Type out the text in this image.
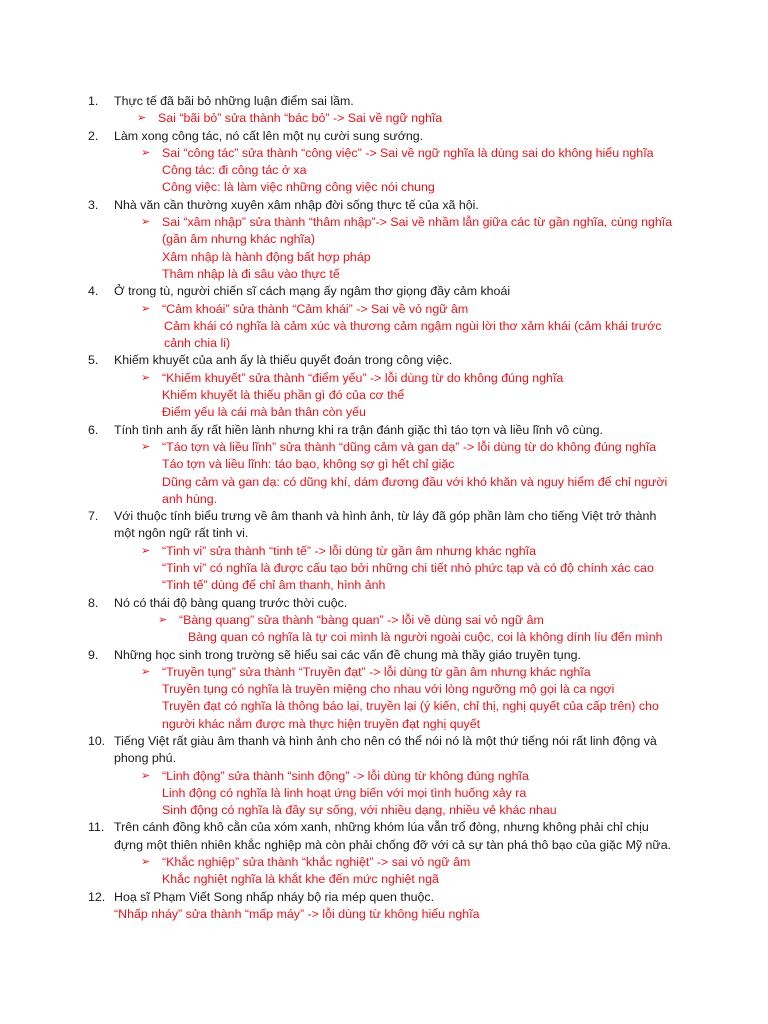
1.	Thực tế đã bãi bỏ những luận điểm sai lầm.
➢ Sai “bãi bỏ” sửa thành “bác bỏ” -> Sai về ngữ nghĩa
2.	Làm xong công tác, nó cất lên một nụ cười sung sướng.
➢ Sai “công tác” sửa thành “công việc” -> Sai về ngữ nghĩa là dùng sai do không hiểu nghĩa
Công tác: đi công tác ở xa
Công việc: là làm việc những công việc nói chung
3.	Nhà văn cần thường xuyên xâm nhập đời sống thực tế của xã hội.
➢ Sai “xâm nhập” sửa thành “thâm nhập”-> Sai về nhầm lẫn giữa các từ gần nghĩa, cùng nghĩa (gần âm nhưng khác nghĩa)
Xâm nhập là hành động bất hợp pháp
Thâm nhập là đi sâu vào thực tế
4.	Ở trong tù, người chiến sĩ cách mạng ấy ngâm thơ giọng đầy cảm khoái
➢ “Cảm khoái” sửa thành “Cảm khái” -> Sai về vỏ ngữ âm
Cảm khái có nghĩa là cảm xúc và thương cảm ngậm ngùi lời thơ xảm khái (cảm khái trước cảnh chia li)
5.	Khiếm khuyết của anh ấy là thiếu quyết đoán trong công việc.
➢ “Khiếm khuyết” sửa thành “điểm yếu” -> lỗi dùng từ do không đúng nghĩa
Khiếm khuyết là thiếu phần gì đó của cơ thể
Điểm yếu là cái mà bản thân còn yếu
6.	Tính tình anh ấy rất hiền lành nhưng khi ra trận đánh giặc thì táo tợn và liều lĩnh vô cùng.
➢ “Táo tợn và liều lĩnh” sửa thành “dũng cảm và gan dạ” -> lỗi dùng từ do không đúng nghĩa
Táo tợn và liều lĩnh: táo bạo, không sợ gì hết chỉ giặc
Dũng cảm và gan dạ: có dũng khí, dám đương đầu với khó khăn và nguy hiểm để chỉ người anh hùng.
7.	Với thuộc tính biểu trưng về âm thanh và hình ảnh, từ láy đã góp phần làm cho tiếng Việt trở thành một ngôn ngữ rất tinh vi.
➢ “Tinh vi” sửa thành “tinh tế” -> lỗi dùng từ gần âm nhưng khác nghĩa
“Tinh vi” có nghĩa là được cấu tạo bởi những chi tiết nhỏ phức tạp và có độ chính xác cao
“Tinh tế” dùng để chỉ âm thanh, hình ảnh
8.	Nó có thái độ bàng quang trước thời cuộc.
➢ “Bàng quang” sửa thành “bàng quan” -> lỗi về dùng sai vỏ ngữ âm
Bàng quan có nghĩa là tự coi mình là người ngoài cuộc, coi là không dính líu đến mình
9.	Những học sinh trong trường sẽ hiểu sai các vấn đề chung mà thầy giáo truyền tụng.
➢ “Truyền tụng” sửa thành “Truyền đạt” -> lỗi dùng từ gần âm nhưng khác nghĩa
Truyền tụng có nghĩa là truyền miệng cho nhau với lòng ngưỡng mộ gọi là ca ngợi
Truyền đạt có nghĩa là thông báo lại, truyền lại (ý kiến, chỉ thị, nghị quyết của cấp trên) cho người khác nắm được mà thực hiện truyền đạt nghị quyết
10. Tiếng Việt rất giàu âm thanh và hình ảnh cho nên có thể nói nó là một thứ tiếng nói rất linh động và phong phú.
➢ “Linh động” sửa thành “sinh động” -> lỗi dùng từ không đúng nghĩa
Linh động có nghĩa là linh hoạt ứng biến với mọi tình huống xảy ra
Sinh động có nghĩa là đầy sự sống, với nhiều dạng, nhiều vẻ khác nhau
11. Trên cánh đồng khô cằn của xóm xanh, những khóm lúa vẫn trổ đòng, nhưng không phải chỉ chịu đựng một thiên nhiên khắc nghiệp mà còn phải chống đỡ với cả sự tàn phá thô bạo của giặc Mỹ nữa.
➢ “Khắc nghiệp” sửa thành “khắc nghiệt” -> sai vỏ ngữ âm
Khắc nghiệt nghĩa là khắt khe đến mức nghiệt ngã
12. Hoạ sĩ Phạm Viết Song nhấp nháy bộ ria mép quen thuộc.
“Nhấp nháy” sửa thành “mấp máy” -> lỗi dùng từ không hiểu nghĩa
